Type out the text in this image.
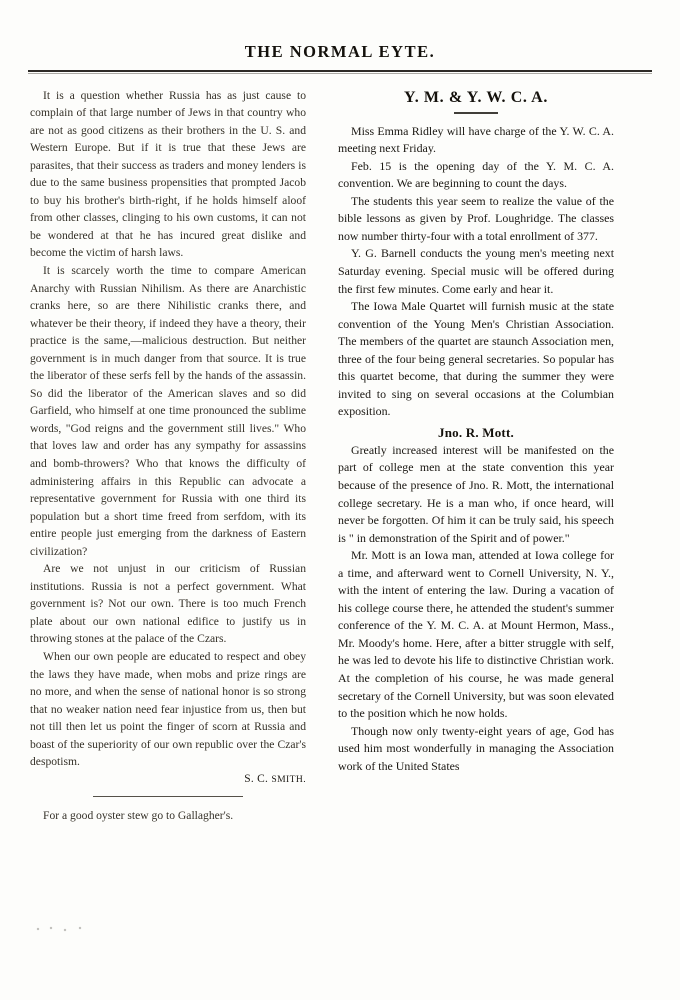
THE NORMAL EYTE.

It is a question whether Russia has as just cause to complain of that large number of Jews in that country who are not as good citizens as their brothers in the U. S. and Western Europe. But if it is true that these Jews are parasites, that their success as traders and money lenders is due to the same business propensities that prompted Jacob to buy his brother's birth-right, if he holds himself aloof from other classes, clinging to his own customs, it can not be wondered at that he has incured great dislike and become the victim of harsh laws.

It is scarcely worth the time to compare American Anarchy with Russian Nihilism. As there are Anarchistic cranks here, so are there Nihilistic cranks there, and whatever be their theory, if indeed they have a theory, their practice is the same,—malicious destruction. But neither government is in much danger from that source. It is true the liberator of these serfs fell by the hands of the assassin. So did the liberator of the American slaves and so did Garfield, who himself at one time pronounced the sublime words, "God reigns and the government still lives." Who that loves law and order has any sympathy for assassins and bomb-throwers? Who that knows the difficulty of administering affairs in this Republic can advocate a representative government for Russia with one third its population but a short time freed from serfdom, with its entire people just emerging from the darkness of Eastern civilization?

Are we not unjust in our criticism of Russian institutions. Russia is not a perfect government. What government is? Not our own. There is too much French plate about our own national edifice to justify us in throwing stones at the palace of the Czars.

When our own people are educated to respect and obey the laws they have made, when mobs and prize rings are no more, and when the sense of national honor is so strong that no weaker nation need fear injustice from us, then but not till then let us point the finger of scorn at Russia and boast of the superiority of our own republic over the Czar's despotism.

S. C. SMITH.

For a good oyster stew go to Gallagher's.

Y. M. & Y. W. C. A.

Miss Emma Ridley will have charge of the Y. W. C. A. meeting next Friday.

Feb. 15 is the opening day of the Y. M. C. A. convention. We are beginning to count the days.

The students this year seem to realize the value of the bible lessons as given by Prof. Loughridge. The classes now number thirty-four with a total enrollment of 377.

Y. G. Barnell conducts the young men's meeting next Saturday evening. Special music will be offered during the first few minutes. Come early and hear it.

The Iowa Male Quartet will furnish music at the state convention of the Young Men's Christian Association. The members of the quartet are staunch Association men, three of the four being general secretaries. So popular has this quartet become, that during the summer they were invited to sing on several occasions at the Columbian exposition.

Jno. R. Mott.

Greatly increased interest will be manifested on the part of college men at the state convention this year because of the presence of Jno. R. Mott, the international college secretary. He is a man who, if once heard, will never be forgotten. Of him it can be truly said, his speech is " in demonstration of the Spirit and of power."

Mr. Mott is an Iowa man, attended at Iowa college for a time, and afterward went to Cornell University, N. Y., with the intent of entering the law. During a vacation of his college course there, he attended the student's summer conference of the Y. M. C. A. at Mount Hermon, Mass., Mr. Moody's home. Here, after a bitter struggle with self, he was led to devote his life to distinctive Christian work. At the completion of his course, he was made general secretary of the Cornell University, but was soon elevated to the position which he now holds.

Though now only twenty-eight years of age, God has used him most wonderfully in managing the Association work of the United States
